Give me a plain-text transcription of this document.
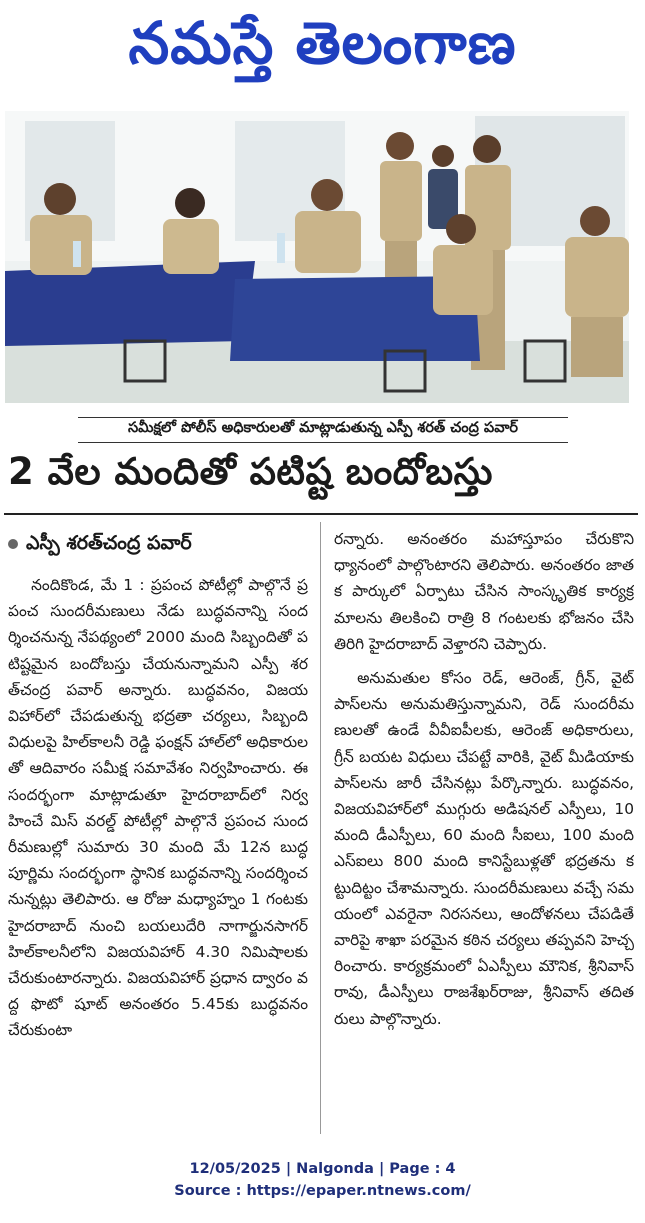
నమస్తే తెలంగాణ
సమీక్షలో పోలీస్ అధికారులతో మాట్లాడుతున్న ఎస్పీ శరత్ చంద్ర పవార్
2 వేల మందితో పటిష్ట బందోబస్తు
ఎస్పీ శరత్‌చంద్ర పవార్

నందికొండ, మే 1 : ప్రపంచ పోటీల్లో పాల్గొనే ప్రపంచ సుందరీమణులు నేడు బుద్ధవనాన్ని సందర్శించనున్న నేపథ్యంలో 2000 మంది సిబ్బందితో పటిష్టమైన బందోబస్తు చేయనున్నామని ఎస్పీ శరత్‌చంద్ర పవార్ అన్నారు. బుద్ధవనం, విజయవిహార్‌లో చేపడుతున్న భద్రతా చర్యలు, సిబ్బంది విధులపై హిల్‌కాలనీ రెడ్డి ఫంక్షన్ హాల్‌లో అధికారులతో ఆదివారం సమీక్ష సమావేశం నిర్వహించారు. ఈ సందర్భంగా మాట్లాడుతూ హైదరాబాద్‌లో నిర్వహించే మిస్ వరల్డ్ పోటీల్లో పాల్గొనే ప్రపంచ సుందరీమణుల్లో సుమారు 30 మంది మే 12న బుద్ధపూర్ణిమ సందర్భంగా స్థానిక బుద్ధవనాన్ని సందర్శించనున్నట్లు తెలిపారు. ఆ రోజు మధ్యాహ్నం 1 గంటకు హైదరాబాద్ నుంచి బయలుదేరి నాగార్జునసాగర్ హిల్‌కాలనీలోని విజయవిహార్ 4.30 నిమిషాలకు చేరుకుంటారన్నారు. విజయవిహార్ ప్రధాన ద్వారం వద్ద ఫొటో షూట్ అనంతరం 5.45కు బుద్ధవనం చేరుకుంటా

రన్నారు. అనంతరం మహాస్తూపం చేరుకొని ధ్యానంలో పాల్గొంటారని తెలిపారు. అనంతరం జాతక పార్కులో ఏర్పాటు చేసిన సాంస్కృతిక కార్యక్రమాలను తిలకించి రాత్రి 8 గంటలకు భోజనం చేసి తిరిగి హైదరాబాద్ వెళ్తారని చెప్పారు.

అనుమతుల కోసం రెడ్, ఆరెంజ్, గ్రీన్, వైట్ పాస్‌లను అనుమతిస్తున్నామని, రెడ్ సుందరీమణులతో ఉండే వీవీఐపీలకు, ఆరెంజ్ అధికారులు, గ్రీన్ బయట విధులు చేపట్టే వారికి, వైట్ మీడియాకు పాస్‌లను జారీ చేసినట్లు పేర్కొన్నారు. బుద్ధవనం, విజయవిహార్‌లో ముగ్గురు అడిషనల్ ఎస్పీలు, 10 మంది డీఎస్పీలు, 60 మంది సీఐలు, 100 మంది ఎస్‌ఐలు 800 మంది కానిస్టేబుళ్లతో భద్రతను కట్టుదిట్టం చేశామన్నారు. సుందరీమణులు వచ్చే సమయంలో ఎవరైనా నిరసనలు, ఆందోళనలు చేపడితే వారిపై శాఖా పరమైన కఠిన చర్యలు తప్పవని హెచ్చరించారు. కార్యక్రమంలో ఏఎస్పీలు మౌనిక, శ్రీనివాస్ రావు, డీఎస్పీలు రాజశేఖర్‌రాజు, శ్రీనివాస్ తదితరులు పాల్గొన్నారు.

12/05/2025 | Nalgonda | Page : 4
Source : https://epaper.ntnews.com/
